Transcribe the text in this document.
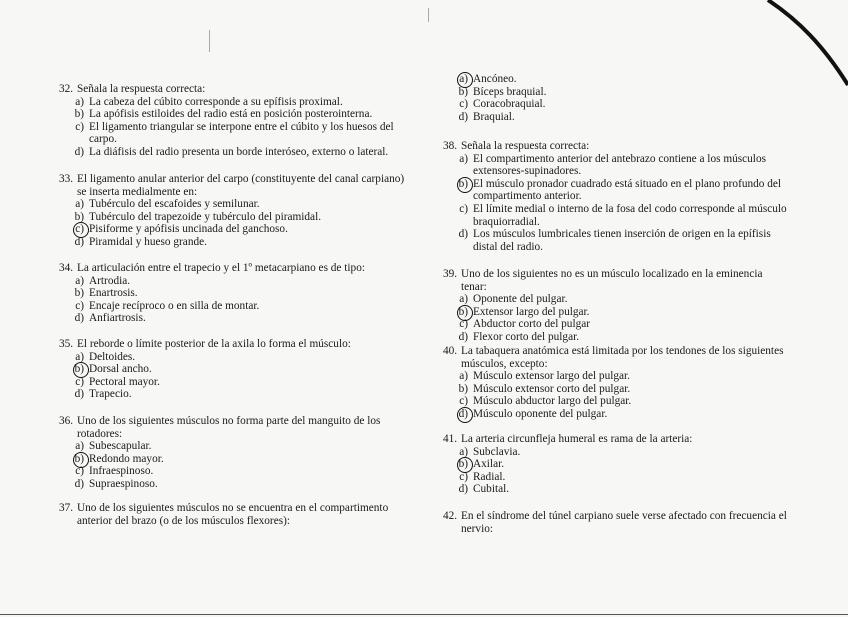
32. Señala la respuesta correcta:
a) La cabeza del cúbito corresponde a su epífisis proximal.
b) La apófisis estiloides del radio está en posición posterointerna.
c) El ligamento triangular se interpone entre el cúbito y los huesos del carpo.
d) La diáfisis del radio presenta un borde interóseo, externo o lateral.
33. El ligamento anular anterior del carpo (constituyente del canal carpiano) se inserta medialmente en:
a) Tubérculo del escafoides y semilunar.
b) Tubérculo del trapezoide y tubérculo del piramidal.
c) Pisiforme y apófisis uncinada del ganchoso.
d) Piramidal y hueso grande.
34. La articulación entre el trapecio y el 1º metacarpiano es de tipo:
a) Artrodia.
b) Enartrosis.
c) Encaje recíproco o en silla de montar.
d) Anfiartrosis.
35. El reborde o límite posterior de la axila lo forma el músculo:
a) Deltoides.
b) Dorsal ancho.
c) Pectoral mayor.
d) Trapecio.
36. Uno de los siguientes músculos no forma parte del manguito de los rotadores:
a) Subescapular.
b) Redondo mayor.
c) Infraespinoso.
d) Supraespinoso.
37. Uno de los siguientes músculos no se encuentra en el compartimento anterior del brazo (o de los músculos flexores):
a) Ancóneo.
b) Bíceps braquial.
c) Coracobraquial.
d) Braquial.
38. Señala la respuesta correcta:
a) El compartimento anterior del antebrazo contiene a los músculos extensores-supinadores.
b) El músculo pronador cuadrado está situado en el plano profundo del compartimento anterior.
c) El límite medial o interno de la fosa del codo corresponde al músculo braquiorradial.
d) Los músculos lumbricales tienen inserción de origen en la epífisis distal del radio.
39. Uno de los siguientes no es un músculo localizado en la eminencia tenar:
a) Oponente del pulgar.
b) Extensor largo del pulgar.
c) Abductor corto del pulgar
d) Flexor corto del pulgar.
40. La tabaquera anatómica está limitada por los tendones de los siguientes músculos, excepto:
a) Músculo extensor largo del pulgar.
b) Músculo extensor corto del pulgar.
c) Músculo abductor largo del pulgar.
d) Músculo oponente del pulgar.
41. La arteria circunfleja humeral es rama de la arteria:
a) Subclavia.
b) Axilar.
c) Radial.
d) Cubital.
42. En el síndrome del túnel carpiano suele verse afectado con frecuencia el nervio:
